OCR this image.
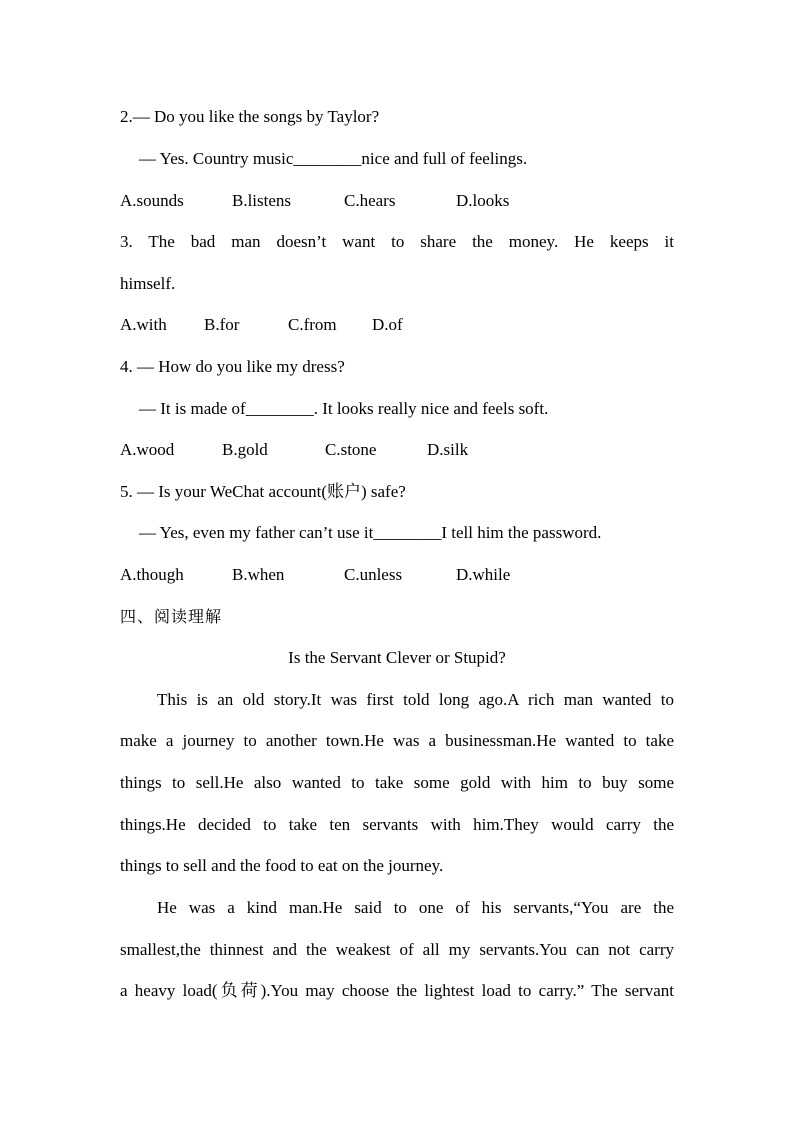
2.— Do you like the songs by Taylor?
— Yes. Country music________nice and full of feelings.
A.sounds	B.listens	C.hears	D.looks
3. The bad man doesn’t want to share the money. He keeps it
himself.
A.with B.for	C.from D.of
4. — How do you like my dress?
— It is made of________. It looks really nice and feels soft.
A.wood	B.gold	C.stone	D.silk
5. — Is your WeChat account(账户) safe?
— Yes, even my father can’t use it________I tell him the password.
A.though	B.when	C.unless	D.while
四、阅读理解
Is the Servant Clever or Stupid?
This is an old story.It was first told long ago.A rich man wanted to
make a journey to another town.He was a businessman.He wanted to take
things to sell.He also wanted to take some gold with him to buy some
things.He decided to take ten servants with him.They would carry the
things to sell and the food to eat on the journey.
He was a kind man.He said to one of his servants,“You are the
smallest,the thinnest and the weakest of all my servants.You can not carry
a heavy load(负荷).You may choose the lightest load to carry.” The servant
